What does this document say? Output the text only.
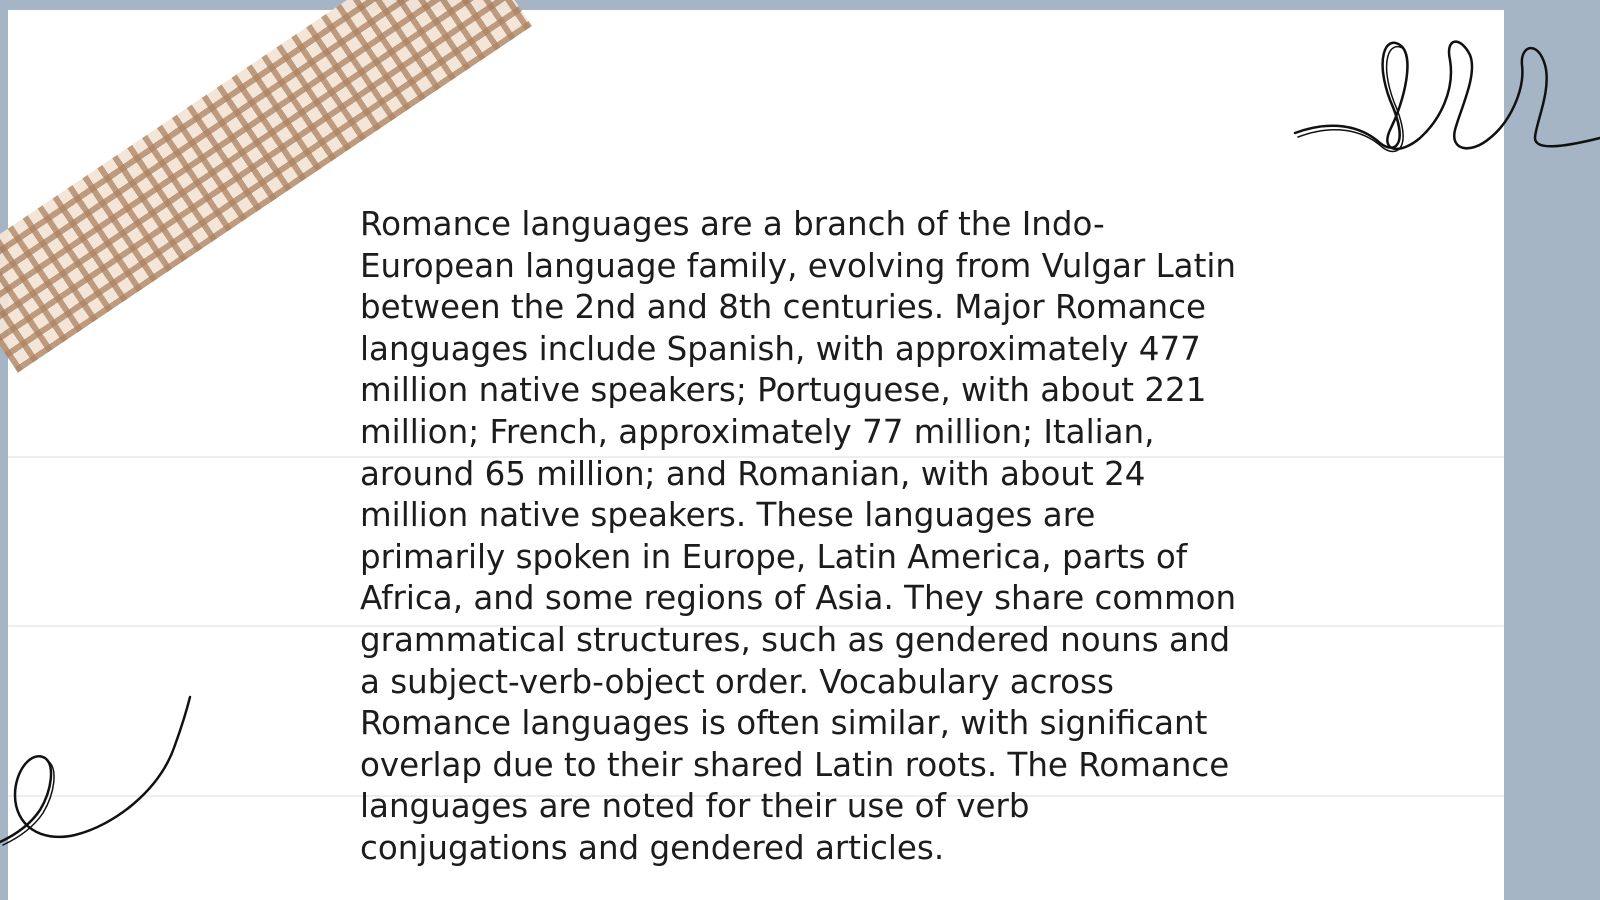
Romance languages are a branch of the Indo-European language family, evolving from Vulgar Latin between the 2nd and 8th centuries. Major Romance languages include Spanish, with approximately 477 million native speakers; Portuguese, with about 221 million; French, approximately 77 million; Italian, around 65 million; and Romanian, with about 24 million native speakers. These languages are primarily spoken in Europe, Latin America, parts of Africa, and some regions of Asia. They share common grammatical structures, such as gendered nouns and a subject-verb-object order. Vocabulary across Romance languages is often similar, with significant overlap due to their shared Latin roots. The Romance languages are noted for their use of verb conjugations and gendered articles.
